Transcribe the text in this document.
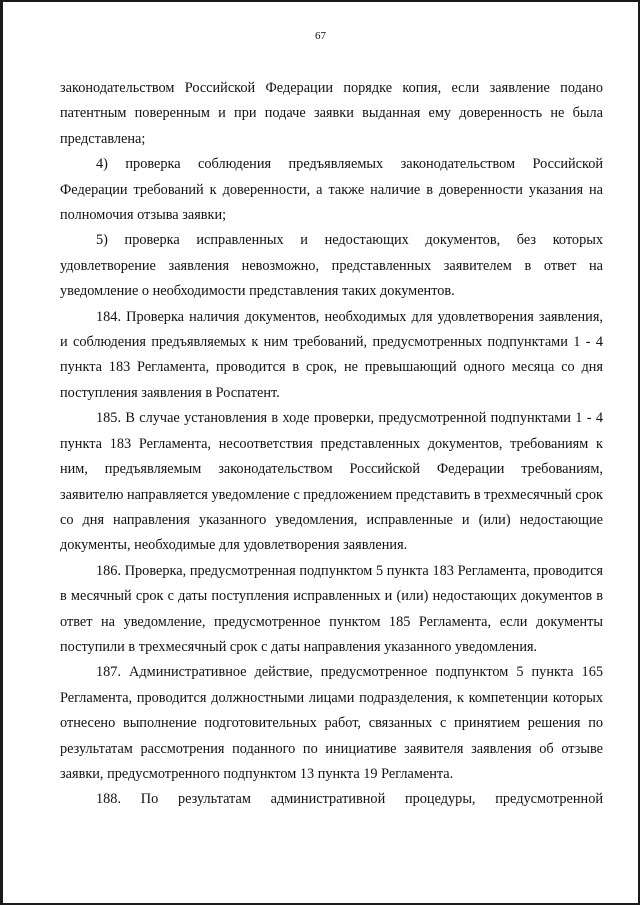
67

законодательством Российской Федерации порядке копия, если заявление подано патентным поверенным и при подаче заявки выданная ему доверенность не была представлена;

4) проверка соблюдения предъявляемых законодательством Российской Федерации требований к доверенности, а также наличие в доверенности указания на полномочия отзыва заявки;

5) проверка исправленных и недостающих документов, без которых удовлетворение заявления невозможно, представленных заявителем в ответ на уведомление о необходимости представления таких документов.

184. Проверка наличия документов, необходимых для удовлетворения заявления, и соблюдения предъявляемых к ним требований, предусмотренных подпунктами 1 - 4 пункта 183 Регламента, проводится в срок, не превышающий одного месяца со дня поступления заявления в Роспатент.

185. В случае установления в ходе проверки, предусмотренной подпунктами 1 - 4 пункта 183 Регламента, несоответствия представленных документов, требованиям к ним, предъявляемым законодательством Российской Федерации требованиям, заявителю направляется уведомление с предложением представить в трехмесячный срок со дня направления указанного уведомления, исправленные и (или) недостающие документы, необходимые для удовлетворения заявления.

186. Проверка, предусмотренная подпунктом 5 пункта 183 Регламента, проводится в месячный срок с даты поступления исправленных и (или) недостающих документов в ответ на уведомление, предусмотренное пунктом 185 Регламента, если документы поступили в трехмесячный срок с даты направления указанного уведомления.

187. Административное действие, предусмотренное подпунктом 5 пункта 165 Регламента, проводится должностными лицами подразделения, к компетенции которых отнесено выполнение подготовительных работ, связанных с принятием решения по результатам рассмотрения поданного по инициативе заявителя заявления об отзыве заявки, предусмотренного подпунктом 13 пункта 19 Регламента.

188. По результатам административной процедуры, предусмотренной
